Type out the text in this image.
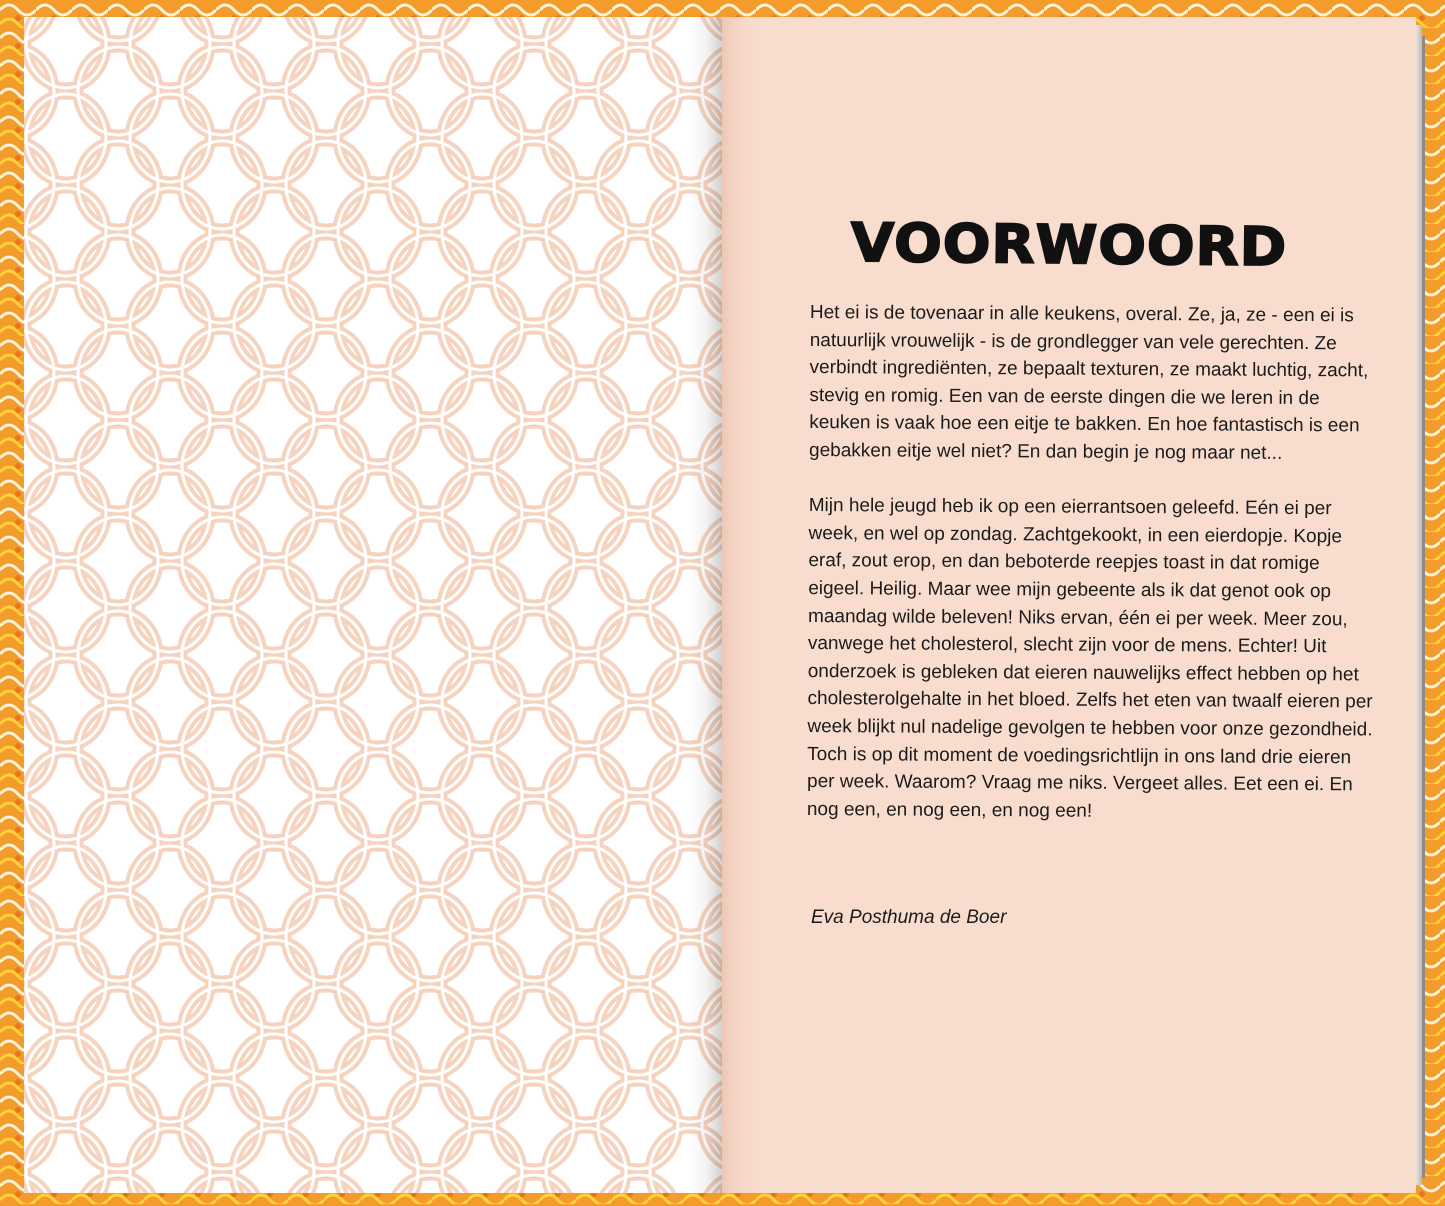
VOORWOORD

Het ei is de tovenaar in alle keukens, overal. Ze, ja, ze - een ei is natuurlijk vrouwelijk - is de grondlegger van vele gerechten. Ze verbindt ingrediënten, ze bepaalt texturen, ze maakt luchtig, zacht, stevig en romig. Een van de eerste dingen die we leren in de keuken is vaak hoe een eitje te bakken. En hoe fantastisch is een gebakken eitje wel niet? En dan begin je nog maar net...

Mijn hele jeugd heb ik op een eierrantsoen geleefd. Eén ei per week, en wel op zondag. Zachtgekookt, in een eierdopje. Kopje eraf, zout erop, en dan beboterde reepjes toast in dat romige eigeel. Heilig. Maar wee mijn gebeente als ik dat genot ook op maandag wilde beleven! Niks ervan, één ei per week. Meer zou, vanwege het cholesterol, slecht zijn voor de mens. Echter! Uit onderzoek is gebleken dat eieren nauwelijks effect hebben op het cholesterolgehalte in het bloed. Zelfs het eten van twaalf eieren per week blijkt nul nadelige gevolgen te hebben voor onze gezondheid. Toch is op dit moment de voedingsrichtlijn in ons land drie eieren per week. Waarom? Vraag me niks. Vergeet alles. Eet een ei. En nog een, en nog een, en nog een!

Eva Posthuma de Boer
